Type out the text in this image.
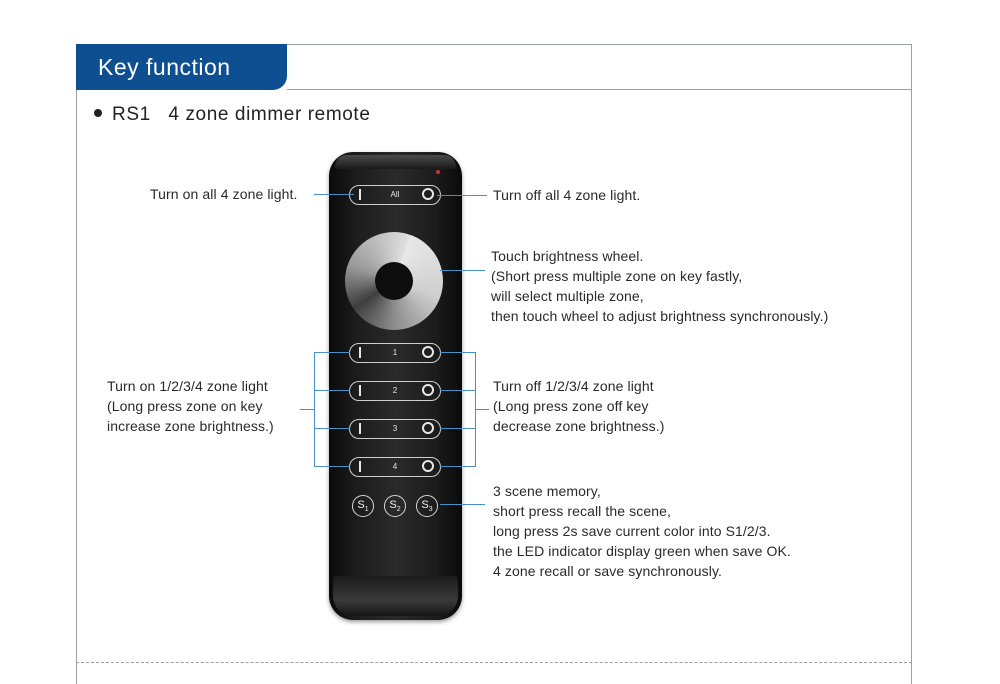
Key function
RS1 4 zone dimmer remote
All
1
2
3
4
$S_1$	$S_2$	$S_3$
Turn on all 4 zone light.	Turn off all 4 zone light.
Touch brightness wheel.
(Short press multiple zone on key fastly,
will select multiple zone,
then touch wheel to adjust brightness synchronously.)
Turn on 1/2/3/4 zone light
(Long press zone on key
increase zone brightness.)
Turn off 1/2/3/4 zone light
(Long press zone off key
decrease zone brightness.)
3 scene memory,
short press recall the scene,
long press 2s save current color into S1/2/3.
the LED indicator display green when save OK.
4 zone recall or save synchronously.
